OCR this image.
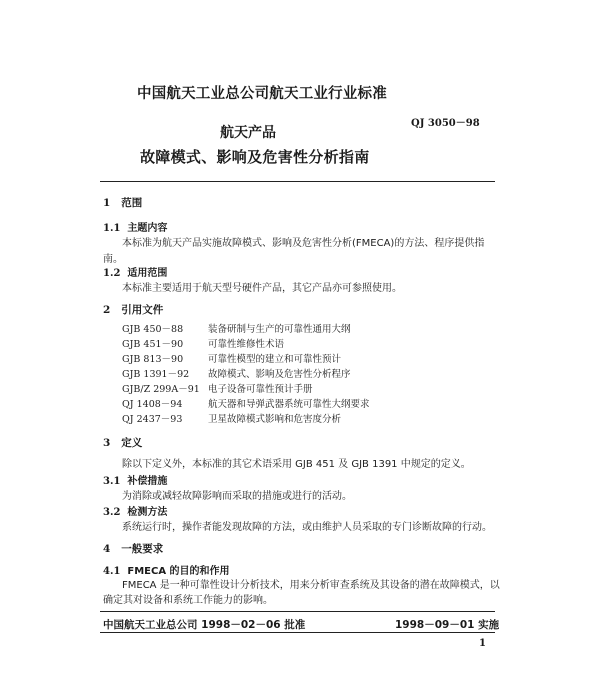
中国航天工业总公司航天工业行业标准
QJ 3050－98
航天产品
故障模式、影响及危害性分析指南
1 范围
1.1 主题内容
本标准为航天产品实施故障模式、影响及危害性分析(FMECA)的方法、程序提供指
南。
1.2 适用范围
本标准主要适用于航天型号硬件产品，其它产品亦可参照使用。
2 引用文件
GJB 450－88	装备研制与生产的可靠性通用大纲
GJB 451－90	可靠性维修性术语
GJB 813－90	可靠性模型的建立和可靠性预计
GJB 1391－92 故障模式、影响及危害性分析程序
GJB/Z 299A－91 电子设备可靠性预计手册
QJ 1408－94	航天器和导弹武器系统可靠性大纲要求
QJ 2437－93	卫星故障模式影响和危害度分析
3 定义
除以下定义外，本标准的其它术语采用 GJB 451 及 GJB 1391 中规定的定义。
3.1 补偿措施
为消除或减轻故障影响而采取的措施或进行的活动。
3.2 检测方法
系统运行时，操作者能发现故障的方法，或由维护人员采取的专门诊断故障的行动。
4 一般要求
4.1 FMECA 的目的和作用
FMECA 是一种可靠性设计分析技术，用来分析审查系统及其设备的潜在故障模式，以
确定其对设备和系统工作能力的影响。
中国航天工业总公司 1998－02－06 批准	1998－09－01 实施
1
